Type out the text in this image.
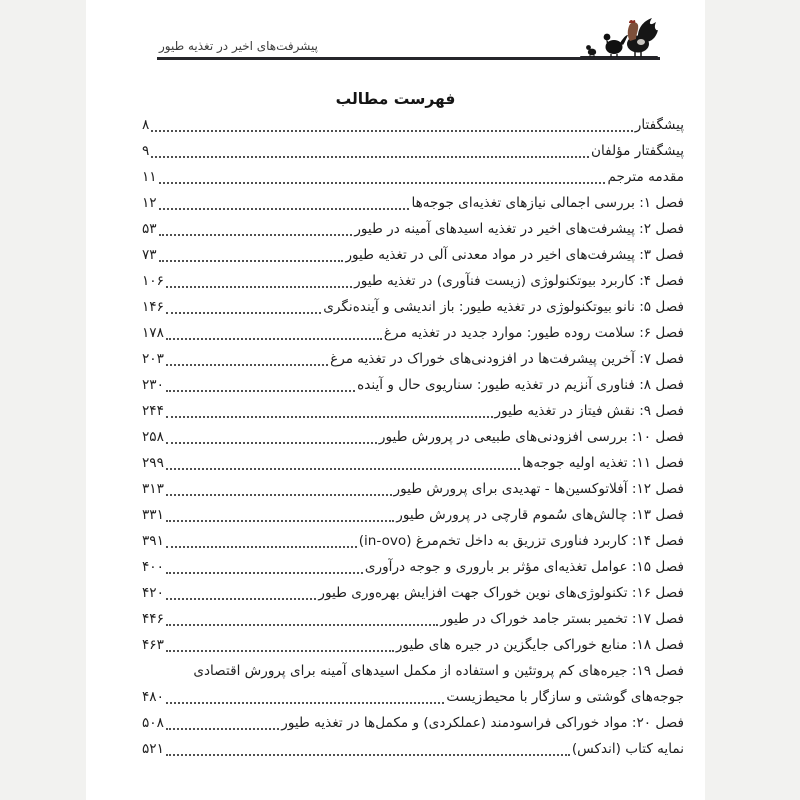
پیشرفت‌های اخیر در تغذیه طیور
فهرست مطالب
پیشگفتار
۸
پیشگفتار مؤلفان
۹
مقدمه مترجم
۱۱
فصل ۱: بررسی اجمالی نیازهای تغذیه‌ای جوجه‌ها
۱۲
فصل ۲: پیشرفت‌های اخیر در تغذیه اسیدهای آمینه در طیور
۵۳
فصل ۳: پیشرفت‌های اخیر در مواد معدنی آلی در تغذیه طیور
۷۳
فصل ۴: کاربرد بیوتکنولوژی (زیست فنآوری) در تغذیه طیور
۱۰۶
فصل ۵: نانو بیوتکنولوژی در تغذیه طیور: باز اندیشی و آینده‌نگری
۱۴۶
فصل ۶: سلامت روده طیور: موارد جدید در تغذیه مرغ
۱۷۸
فصل ۷: آخرین پیشرفت‌ها در افزودنی‌های خوراک در تغذیه مرغ
۲۰۳
فصل ۸: فناوری آنزیم در تغذیه طیور: سناریوی حال و آینده
۲۳۰
فصل ۹: نقش فیتاز در تغذیه طیور
۲۴۴
فصل ۱۰: بررسی افزودنی‌های طبیعی در پرورش طیور
۲۵۸
فصل ۱۱: تغذیه اولیه جوجه‌ها
۲۹۹
فصل ۱۲: آفلاتوکسین‌ها - تهدیدی برای پرورش طیور
۳۱۳
فصل ۱۳: چالش‌های سُموم قارچی در پرورش طیور
۳۳۱
فصل ۱۴: کاربرد فناوری تزریق به داخل تخم‌مرغ (in-ovo)
۳۹۱
فصل ۱۵: عوامل تغذیه‌ای مؤثر بر باروری و جوجه درآوری
۴۰۰
فصل ۱۶: تکنولوژی‌های نوین خوراک جهت افزایش بهره‌وری طیور
۴۲۰
فصل ۱۷: تخمیر بستر جامد خوراک در طیور
۴۴۶
فصل ۱۸: منابع خوراکی جایگزین در جیره های طیور
۴۶۳
فصل ۱۹: جیره‌های کم پروتئین و استفاده از مکمل اسیدهای آمینه برای پرورش اقتصادی
جوجه‌های گوشتی و سازگار با محیط‌زیست
۴۸۰
فصل ۲۰: مواد خوراکی فراسودمند (عملکردی) و مکمل‌ها در تغذیه طیور
۵۰۸
نمایه کتاب (اندکس)
۵۲۱
